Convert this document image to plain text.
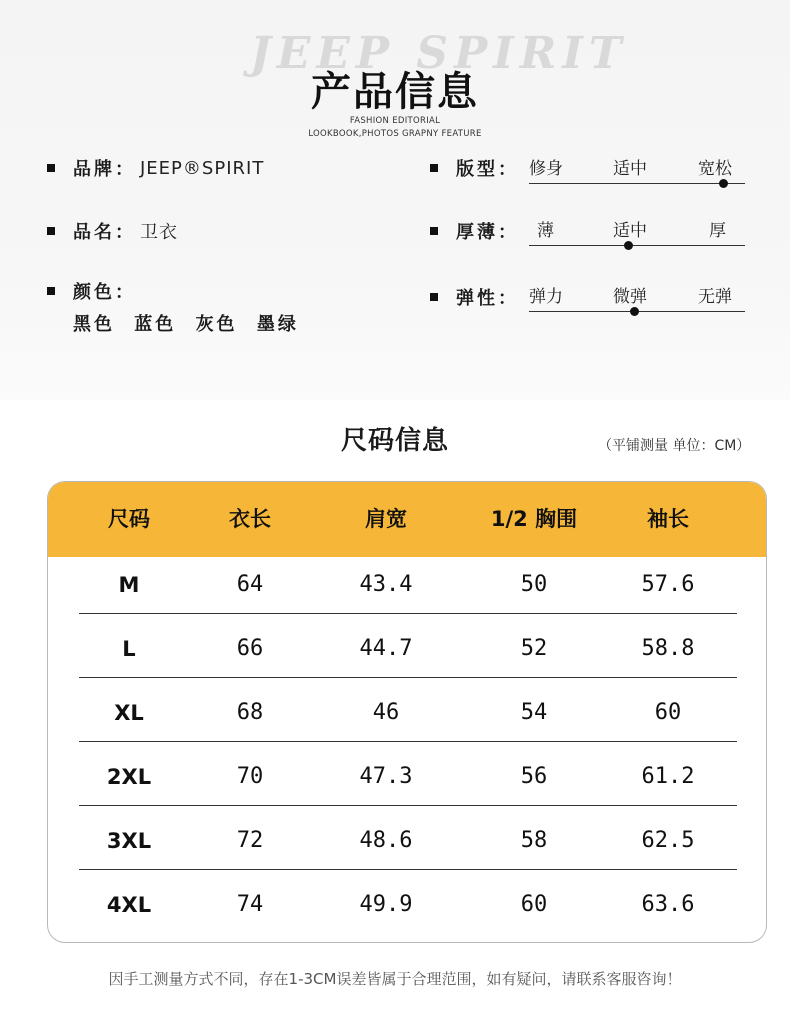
JEEP SPIRIT
产品信息
FASHION EDITORIAL
LOOKBOOK,PHOTOS GRAPNY FEATURE
品牌： JEEP®SPIRIT
品名： 卫衣
颜色：
黑色 蓝色 灰色 墨绿
版型： 修身	适中	宽松
厚薄： 薄	适中	厚
弹性： 弹力	微弹	无弹
尺码信息	（平铺测量 单位：CM）
尺码	衣长	肩宽	1/2 胸围	袖长
M	64	43.4	50	57.6
L	66	44.7	52	58.8
XL	68	46	54	60
2XL	70	47.3	56	61.2
3XL	72	48.6	58	62.5
4XL	74	49.9	60	63.6
因手工测量方式不同，存在1-3CM误差皆属于合理范围，如有疑问，请联系客服咨询！
